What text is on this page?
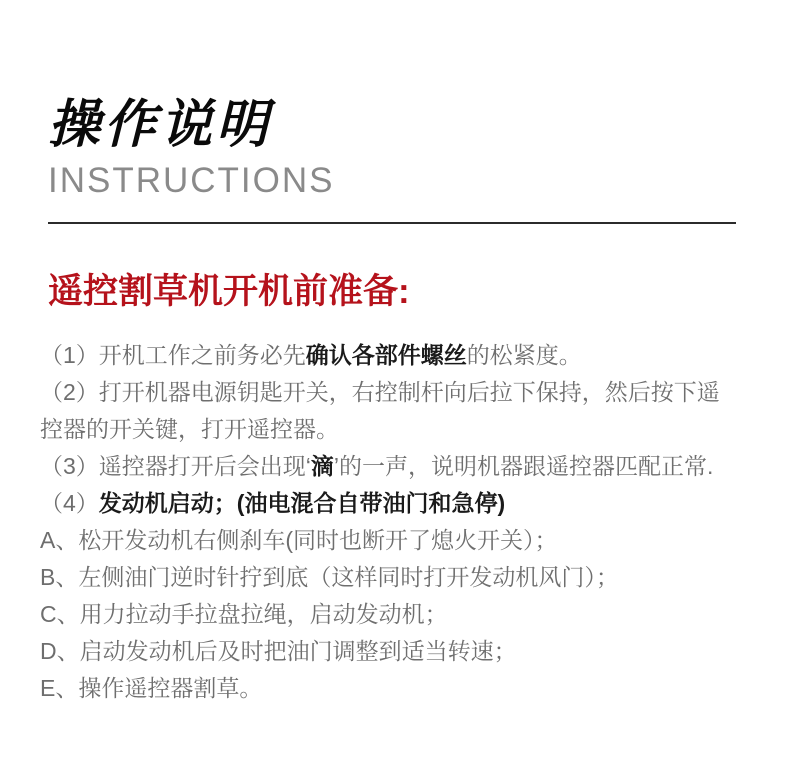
操作说明
INSTRUCTIONS
遥控割草机开机前准备:

（1）开机工作之前务必先确认各部件螺丝的松紧度。

（2）打开机器电源钥匙开关，右控制杆向后拉下保持，然后按下遥控器的开关键，打开遥控器。

（3）遥控器打开后会出现‘滴’的一声，说明机器跟遥控器匹配正常.

（4）发动机启动；(油电混合自带油门和急停)

A、松开发动机右侧刹车(同时也断开了熄火开关）；

B、左侧油门逆时针拧到底（这样同时打开发动机风门）；

C、用力拉动手拉盘拉绳，启动发动机；

D、启动发动机后及时把油门调整到适当转速；

E、操作遥控器割草。
